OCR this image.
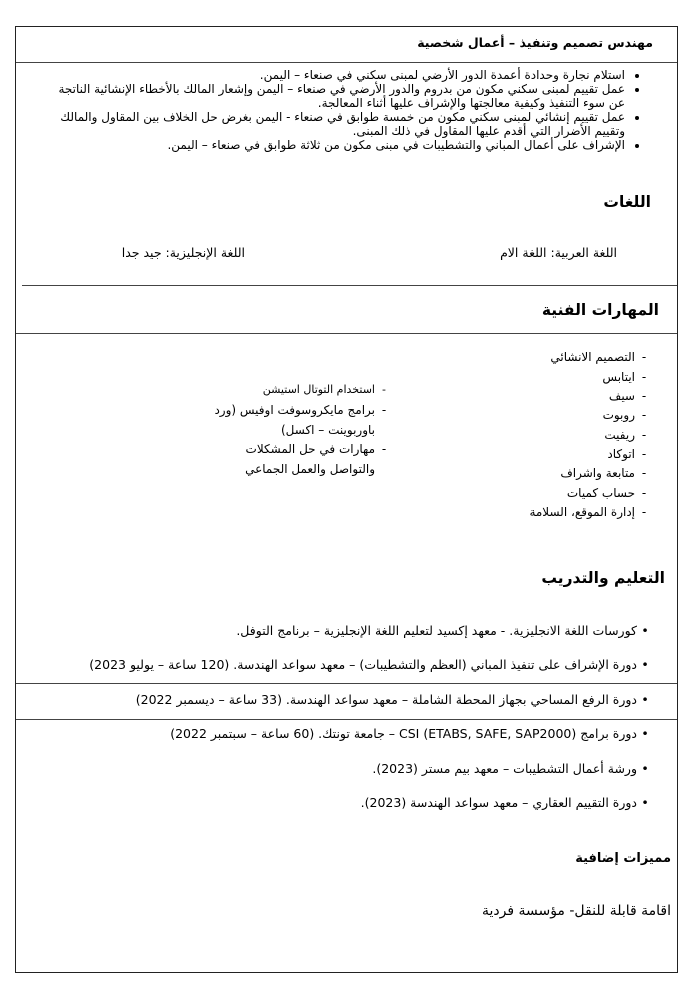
مهندس تصميم وتنفيذ – أعمال شخصية
• استلام نجارة وحدادة أعمدة الدور الأرضي لمبنى سكني في صنعاء – اليمن.
• عمل تقييم لمبنى سكني مكون من بدروم والدور الأرضي في صنعاء – اليمن وإشعار المالك بالأخطاء الإنشائية الناتجة عن سوء التنفيذ وكيفية معالجتها والإشراف عليها أثناء المعالجة.
• عمل تقييم إنشائي لمبنى سكني مكون من خمسة طوابق في صنعاء - اليمن بغرض حل الخلاف بين المقاول والمالك وتقييم الأضرار التي أقدم عليها المقاول في ذلك المبنى.
• الإشراف على أعمال المباني والتشطيبات في مبنى مكون من ثلاثة طوابق في صنعاء – اليمن.
اللغات
اللغة العربية: اللغة الام
اللغة الإنجليزية: جيد جدا
المهارات الفنية
-التصميم الانشائي
-ايتابس
-سيف
-روبوت
-ريفيت
-اتوكاد
-متابعة واشراف
-حساب كميات
-إدارة الموقع، السلامة
-استخدام التوتال استيشن
-برامج مايكروسوفت اوفيس (ورد
باوربوينت – اكسل)
-مهارات في حل المشكلات
والتواصل والعمل الجماعي
التعليم والتدريب
• كورسات اللغة الانجليزية. - معهد إكسيد لتعليم اللغة الإنجليزية – برنامج التوفل.
• دورة الإشراف على تنفيذ المباني (العظم والتشطيبات) – معهد سواعد الهندسة. (120 ساعة – يوليو 2023)
• دورة الرفع المساحي بجهاز المحطة الشاملة – معهد سواعد الهندسة. (33 ساعة – ديسمبر 2022)
• دورة برامج CSI (ETABS, SAFE, SAP2000) – جامعة تونتك. (60 ساعة – سبتمبر 2022)
• ورشة أعمال التشطيبات – معهد بيم مستر (2023).
• دورة التقييم العقاري – معهد سواعد الهندسة (2023).
مميزات إضافية
اقامة قابلة للنقل- مؤسسة فردية
